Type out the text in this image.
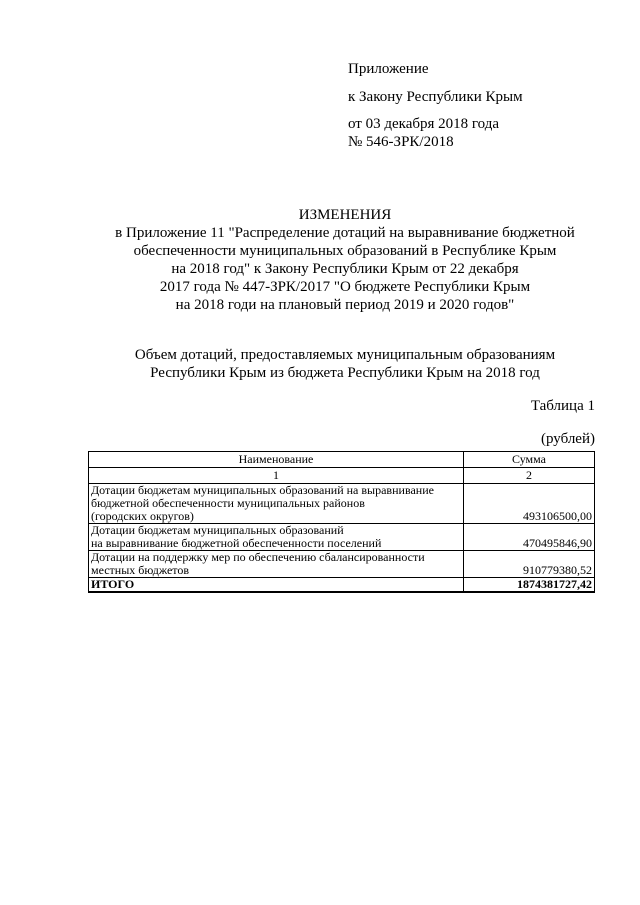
Приложение
к Закону Республики Крым
от 03 декабря 2018 года
№ 546-ЗРК/2018
ИЗМЕНЕНИЯ
в Приложение 11 "Распределение дотаций на выравнивание бюджетной
обеспеченности муниципальных образований в Республике Крым
на 2018 год" к Закону Республики Крым от 22 декабря
2017 года № 447-ЗРК/2017 "О бюджете Республики Крым
на 2018 годи на плановый период 2019 и 2020 годов"
Объем дотаций, предоставляемых муниципальным образованиям
Республики Крым из бюджета Республики Крым на 2018 год
Таблица 1
(рублей)
Наименование	Сумма
1	2

Дотации бюджетам муниципальных образований на выравнивание
бюджетной обеспеченности муниципальных районов
(городских округов)	493106500,00

Дотации бюджетам муниципальных образований
на выравнивание бюджетной обеспеченности поселений	470495846,90

Дотации на поддержку мер по обеспечению сбалансированности
местных бюджетов	910779380,52
ИТОГО	1874381727,42
